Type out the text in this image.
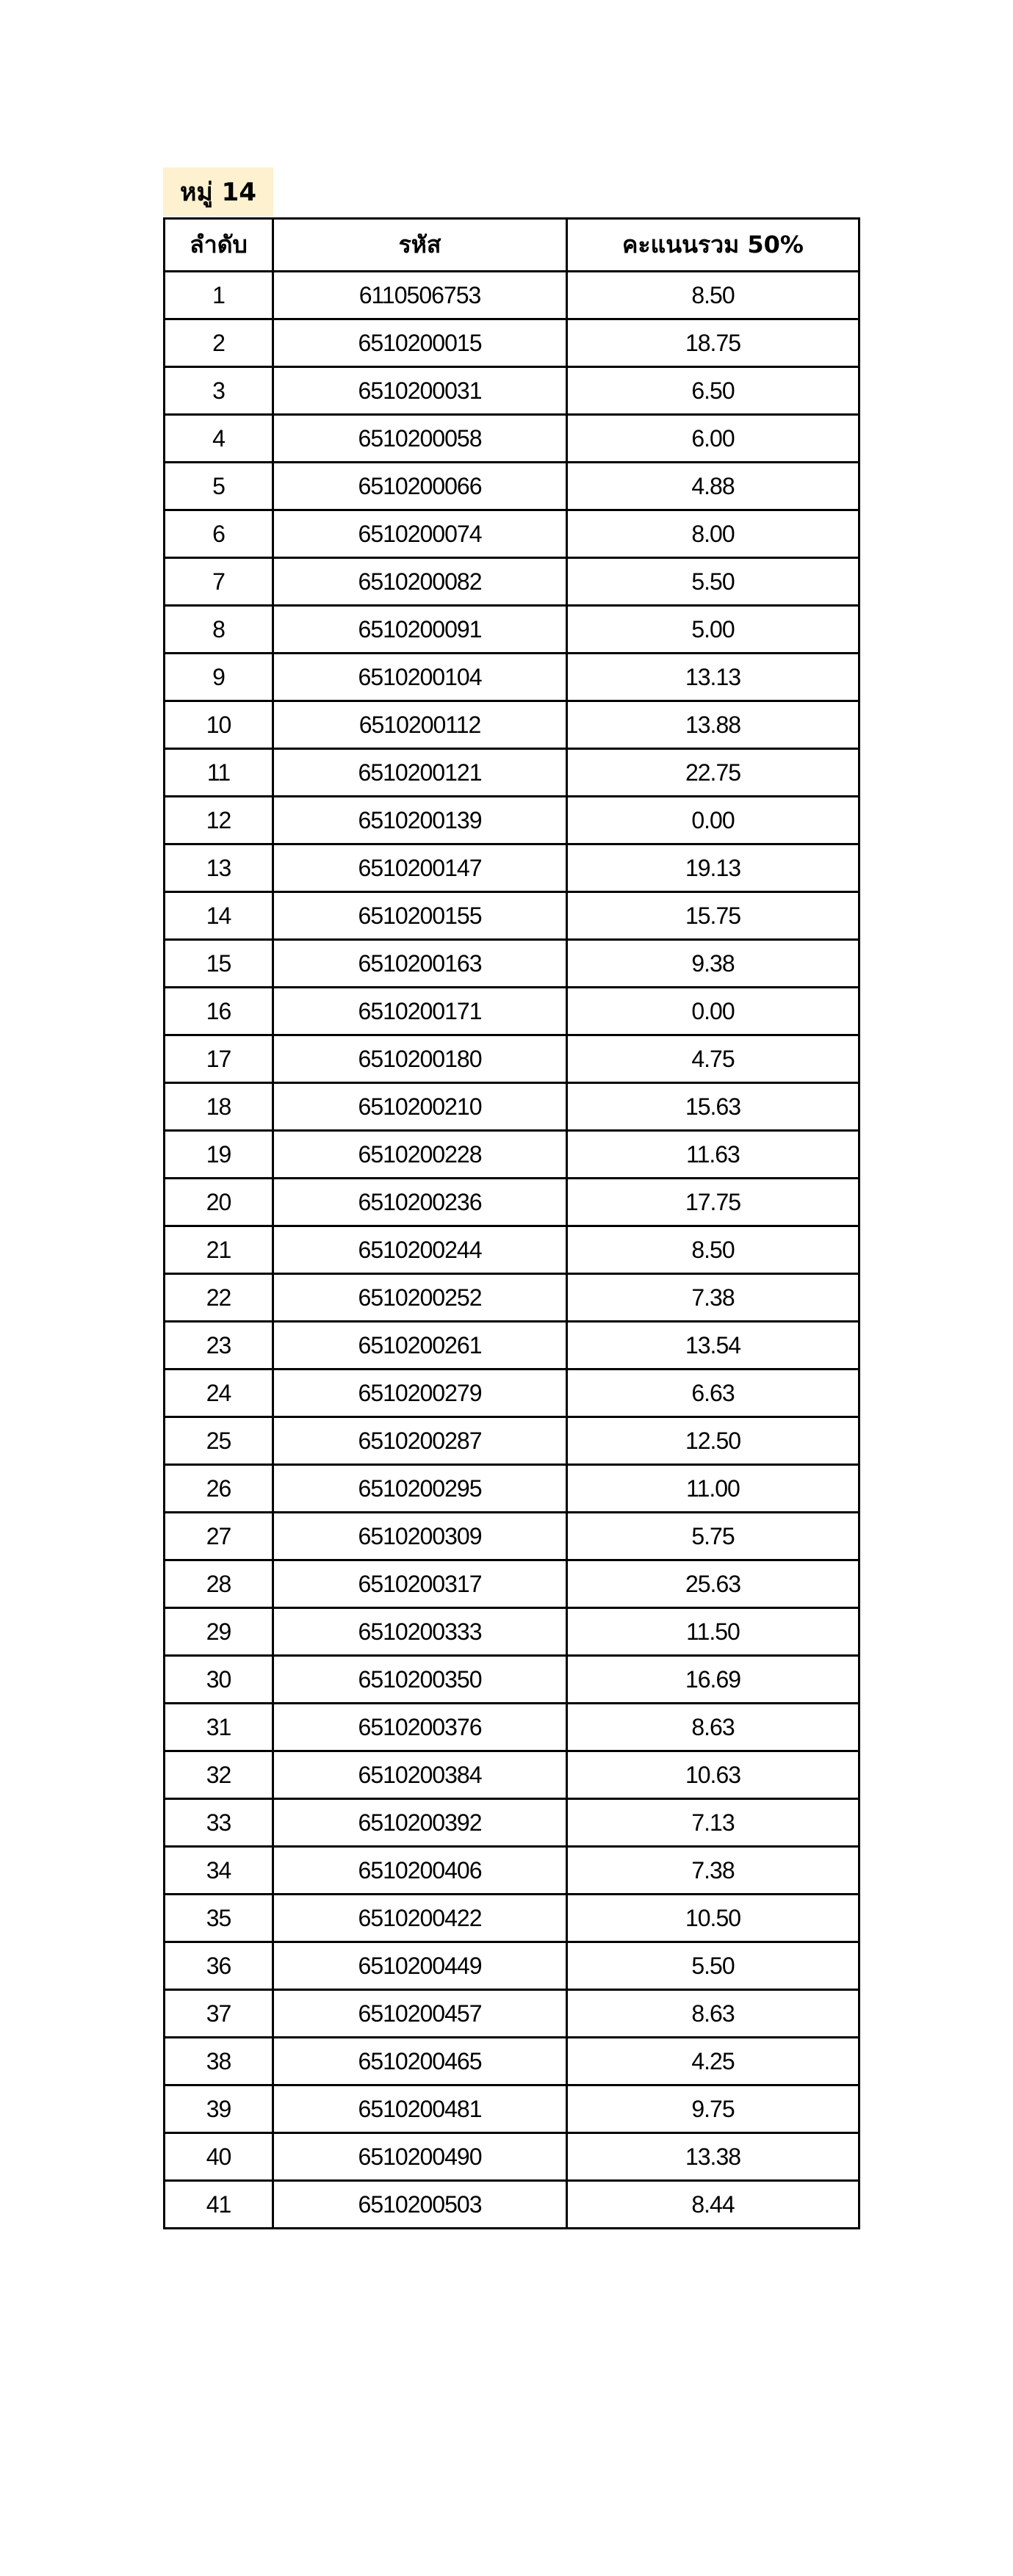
หมู่ 14
ลำดับ	รหัส	คะแนนรวม 50%
1	6110506753	8.50
2	6510200015	18.75
3	6510200031	6.50
4	6510200058	6.00
5	6510200066	4.88
6	6510200074	8.00
7	6510200082	5.50
8	6510200091	5.00
9	6510200104	13.13
10	6510200112	13.88
11	6510200121	22.75
12	6510200139	0.00
13	6510200147	19.13
14	6510200155	15.75
15	6510200163	9.38
16	6510200171	0.00
17	6510200180	4.75
18	6510200210	15.63
19	6510200228	11.63
20	6510200236	17.75
21	6510200244	8.50
22	6510200252	7.38
23	6510200261	13.54
24	6510200279	6.63
25	6510200287	12.50
26	6510200295	11.00
27	6510200309	5.75
28	6510200317	25.63
29	6510200333	11.50
30	6510200350	16.69
31	6510200376	8.63
32	6510200384	10.63
33	6510200392	7.13
34	6510200406	7.38
35	6510200422	10.50
36	6510200449	5.50
37	6510200457	8.63
38	6510200465	4.25
39	6510200481	9.75
40	6510200490	13.38
41	6510200503	8.44
